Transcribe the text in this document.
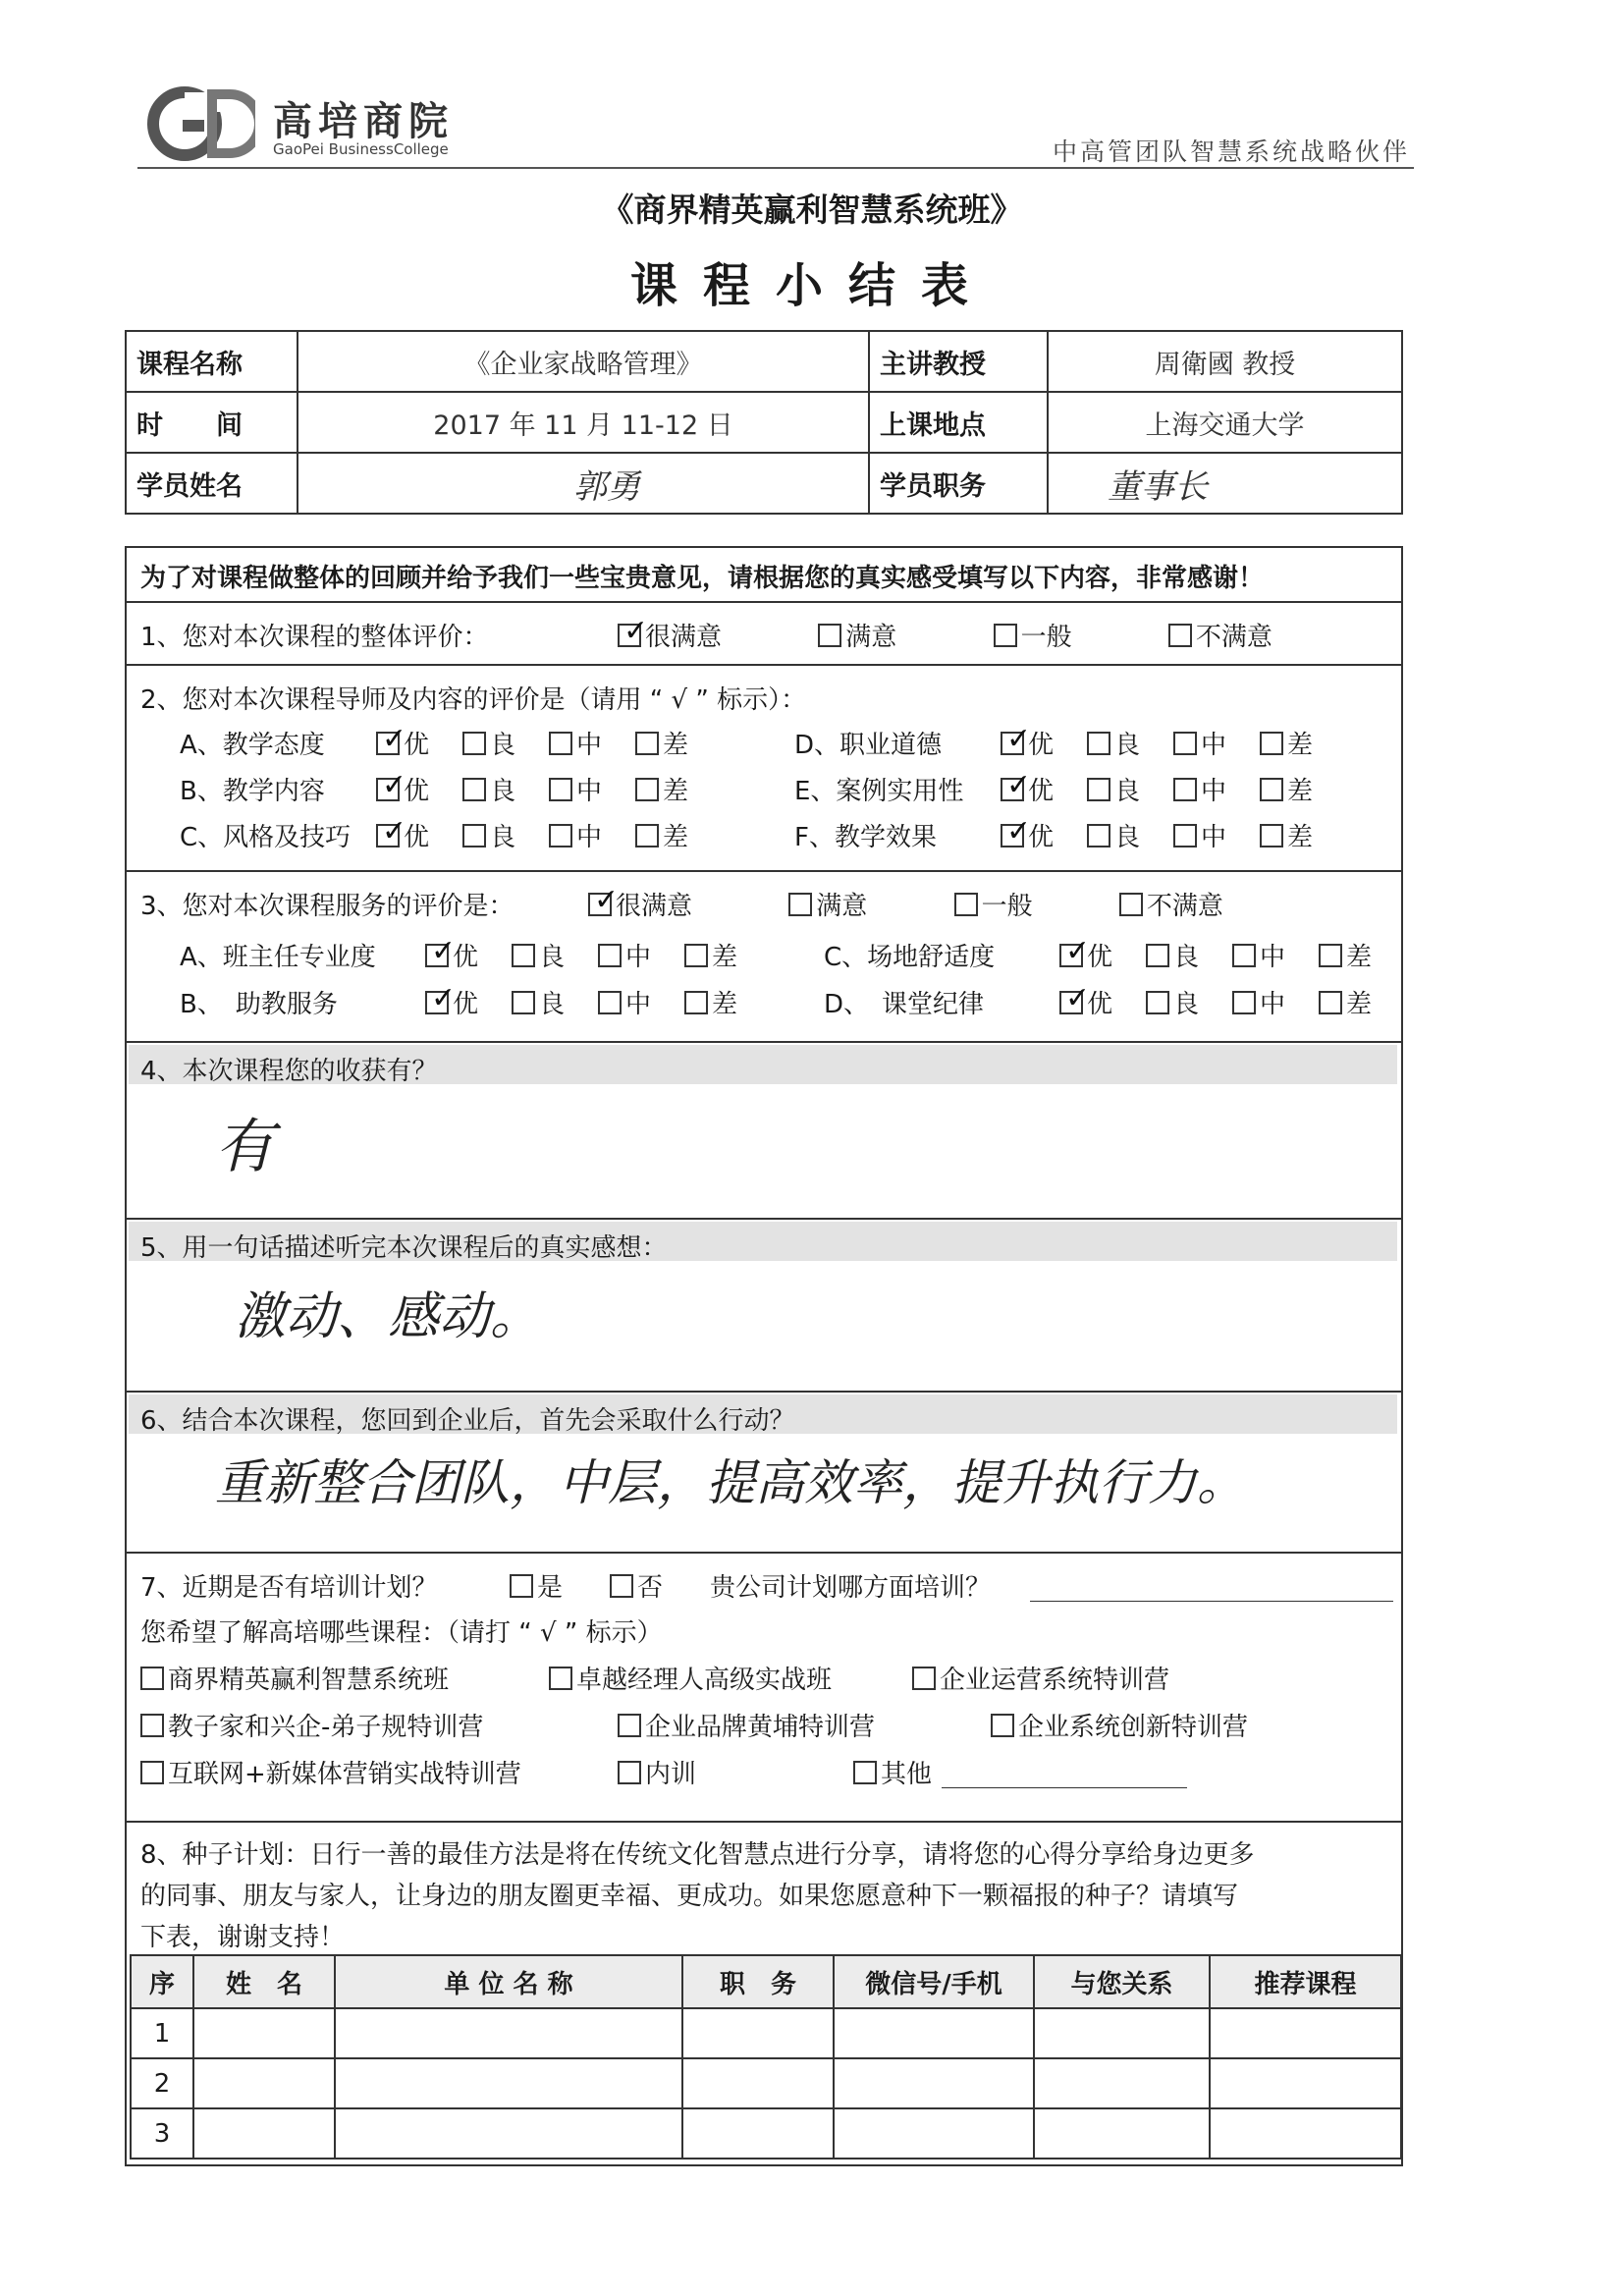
高培商院
GaoPei BusinessCollege	中高管团队智慧系统战略伙伴
《商界精英赢利智慧系统班》
课程小结表
课程名称	《企业家战略管理》	主讲教授	周衛國 教授
时　　间	2017 年 11 月 11-12 日	上课地点	上海交通大学
学员姓名	郭勇	学员职务	董事长
为了对课程做整体的回顾并给予我们一些宝贵意见，请根据您的真实感受填写以下内容，非常感谢！
1、您对本次课程的整体评价： ✓	很满意	满意	一般	不满意
2、您对本次课程导师及内容的评价是（请用 “ √ ” 标示）：
A、教学态度 ✓	优 良 中 差
B、教学内容 ✓	优 良 中 差
C、风格及技巧 ✓ 优 良 中 差
D、职业道德 ✓	优 良 中 差
E、案例实用性 ✓	优 良 中 差
F、教学效果 ✓	优 良 中 差
3、您对本次课程服务的评价是： ✓	很满意	满意	一般	不满意
A、班主任专业度 ✓	优 良 中 差
B、　助教服务 ✓	优 良 中 差
C、场地舒适度 ✓	优 良 中 差
D、　课堂纪律 ✓	优 良 中 差
4、本次课程您的收获有？
有
5、用一句话描述听完本次课程后的真实感想：
激动、感动。
6、结合本次课程，您回到企业后，首先会采取什么行动？
重新整合团队，中层，提高效率，提升执行力。
7、近期是否有培训计划？	是	否 贵公司计划哪方面培训？
您希望了解高培哪些课程：（请打 “ √ ” 标示）
商界精英赢利智慧系统班	卓越经理人高级实战班	企业运营系统特训营
教子家和兴企-弟子规特训营	企业品牌黄埔特训营	企业系统创新特训营
互联网+新媒体营销实战特训营	内训	其他
8、种子计划：日行一善的最佳方法是将在传统文化智慧点进行分享，请将您的心得分享给身边更多
的同事、朋友与家人，让身边的朋友圈更幸福、更成功。如果您愿意种下一颗福报的种子？请填写
下表，谢谢支持！
序	姓　名	单 位 名 称	职　务	微信号/手机	与您关系	推荐课程
1						
2						
3						
